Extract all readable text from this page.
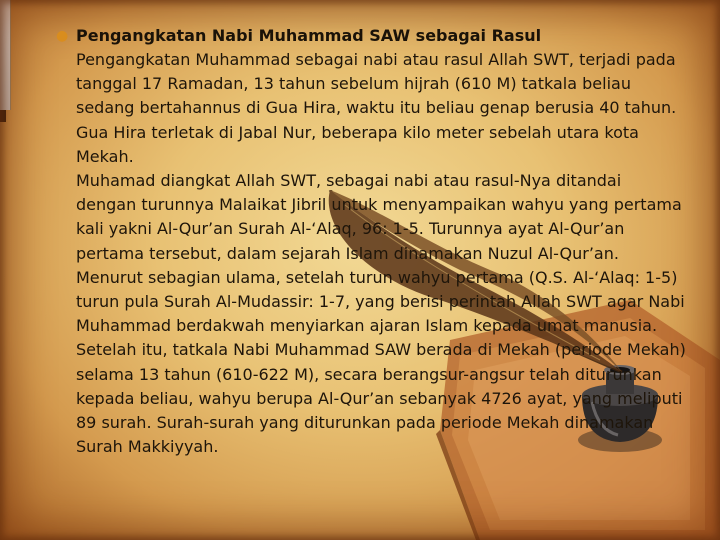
● Pengangkatan Nabi Muhammad SAW sebagai Rasul

Pengangkatan Muhammad sebagai nabi atau rasul Allah SWT, terjadi pada tanggal 17 Ramadan, 13 tahun sebelum hijrah (610 M) tatkala beliau sedang bertahannus di Gua Hira, waktu itu beliau genap berusia 40 tahun. Gua Hira terletak di Jabal Nur, beberapa kilo meter sebelah utara kota Mekah.

Muhamad diangkat Allah SWT, sebagai nabi atau rasul-Nya ditandai dengan turunnya Malaikat Jibril untuk menyampaikan wahyu yang pertama kali yakni Al-Qur’an Surah Al-‘Alaq, 96: 1-5. Turunnya ayat Al-Qur’an pertama tersebut, dalam sejarah Islam dinamakan Nuzul Al-Qur’an.

Menurut sebagian ulama, setelah turun wahyu pertama (Q.S. Al-‘Alaq: 1-5) turun pula Surah Al-Mudassir: 1-7, yang berisi perintah Allah SWT agar Nabi Muhammad berdakwah menyiarkan ajaran Islam kepada umat manusia.

Setelah itu, tatkala Nabi Muhammad SAW berada di Mekah (periode Mekah) selama 13 tahun (610-622 M), secara berangsur-angsur telah diturunkan kepada beliau, wahyu berupa Al-Qur’an sebanyak 4726 ayat, yang meliputi 89 surah. Surah-surah yang diturunkan pada periode Mekah dinamakan Surah Makkiyyah.
